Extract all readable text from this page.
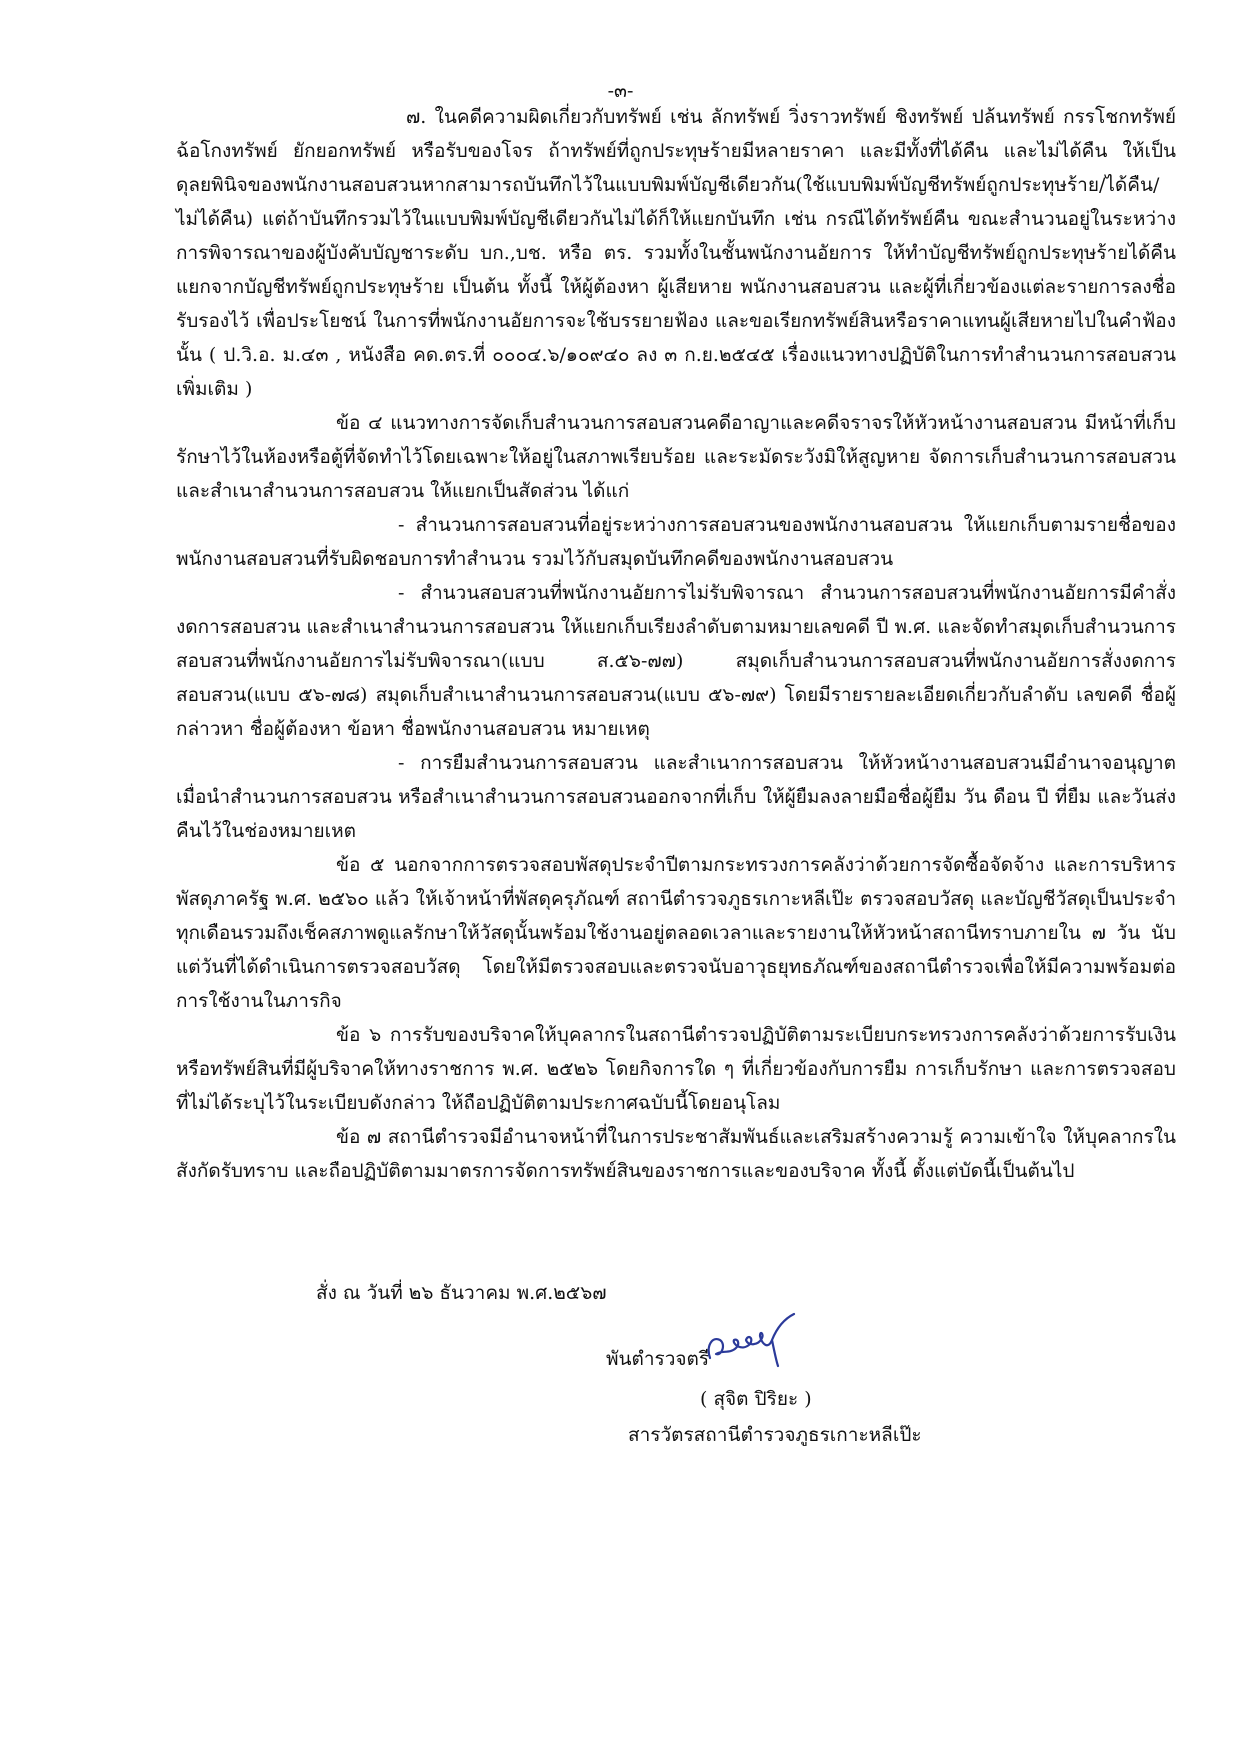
-๓-

๗. ในคดีความผิดเกี่ยวกับทรัพย์ เช่น ลักทรัพย์ วิ่งราวทรัพย์ ชิงทรัพย์ ปล้นทรัพย์ กรรโชกทรัพย์ ฉ้อโกงทรัพย์ ยักยอกทรัพย์ หรือรับของโจร ถ้าทรัพย์ที่ถูกประทุษร้ายมีหลายราคา และมีทั้งที่ได้คืน และไม่ได้คืน ให้เป็นดุลยพินิจของพนักงานสอบสวนหากสามารถบันทึกไว้ในแบบพิมพ์บัญชีเดียวกัน(ใช้แบบพิมพ์บัญชีทรัพย์ถูกประทุษร้าย/ได้คืน/ไม่ได้คืน) แต่ถ้าบันทึกรวมไว้ในแบบพิมพ์บัญชีเดียวกันไม่ได้ก็ให้แยกบันทึก เช่น กรณีได้ทรัพย์คืน ขณะสำนวนอยู่ในระหว่างการพิจารณาของผู้บังคับบัญชาระดับ บก.,บช. หรือ ตร. รวมทั้งในชั้นพนักงานอัยการ ให้ทำบัญชีทรัพย์ถูกประทุษร้ายได้คืนแยกจากบัญชีทรัพย์ถูกประทุษร้าย เป็นต้น ทั้งนี้ ให้ผู้ต้องหา ผู้เสียหาย พนักงานสอบสวน และผู้ที่เกี่ยวข้องแต่ละรายการลงชื่อรับรองไว้ เพื่อประโยชน์ ในการที่พนักงานอัยการจะใช้บรรยายฟ้อง และขอเรียกทรัพย์สินหรือราคาแทนผู้เสียหายไปในคำฟ้องนั้น ( ป.วิ.อ. ม.๔๓ , หนังสือ คด.ตร.ที่ ๐๐๐๔.๖/๑๐๙๔๐ ลง ๓ ก.ย.๒๕๔๕ เรื่องแนวทางปฏิบัติในการทำสำนวนการสอบสวนเพิ่มเติม )

ข้อ ๔ แนวทางการจัดเก็บสำนวนการสอบสวนคดีอาญาและคดีจราจรให้หัวหน้างานสอบสวน มีหน้าที่เก็บรักษาไว้ในห้องหรือตู้ที่จัดทำไว้โดยเฉพาะให้อยู่ในสภาพเรียบร้อย และระมัดระวังมิให้สูญหาย จัดการเก็บสำนวนการสอบสวนและสำเนาสำนวนการสอบสวน ให้แยกเป็นสัดส่วน ได้แก่

- สำนวนการสอบสวนที่อยู่ระหว่างการสอบสวนของพนักงานสอบสวน ให้แยกเก็บตามรายชื่อของพนักงานสอบสวนที่รับผิดชอบการทำสำนวน รวมไว้กับสมุดบันทึกคดีของพนักงานสอบสวน

- สำนวนสอบสวนที่พนักงานอัยการไม่รับพิจารณา สำนวนการสอบสวนที่พนักงานอัยการมีคำสั่งงดการสอบสวน และสำเนาสำนวนการสอบสวน ให้แยกเก็บเรียงลำดับตามหมายเลขคดี ปี พ.ศ. และจัดทำสมุดเก็บสำนวนการสอบสวนที่พนักงานอัยการไม่รับพิจารณา(แบบ ส.๕๖-๗๗) สมุดเก็บสำนวนการสอบสวนที่พนักงานอัยการสั่งงดการสอบสวน(แบบ ๕๖-๗๘) สมุดเก็บสำเนาสำนวนการสอบสวน(แบบ ๕๖-๗๙) โดยมีรายรายละเอียดเกี่ยวกับลำดับ เลขคดี ชื่อผู้กล่าวหา ชื่อผู้ต้องหา ข้อหา ชื่อพนักงานสอบสวน หมายเหตุ

- การยืมสำนวนการสอบสวน และสำเนาการสอบสวน ให้หัวหน้างานสอบสวนมีอำนาจอนุญาตเมื่อนำสำนวนการสอบสวน หรือสำเนาสำนวนการสอบสวนออกจากที่เก็บ ให้ผู้ยืมลงลายมือชื่อผู้ยืม วัน ดือน ปี ที่ยืม และวันส่งคืนไว้ในช่องหมายเหต

ข้อ ๕ นอกจากการตรวจสอบพัสดุประจำปีตามกระทรวงการคลังว่าด้วยการจัดซื้อจัดจ้าง และการบริหารพัสดุภาครัฐ พ.ศ. ๒๕๖๐ แล้ว ให้เจ้าหน้าที่พัสดุครุภัณฑ์ สถานีตำรวจภูธรเกาะหลีเป๊ะ ตรวจสอบวัสดุ และบัญชีวัสดุเป็นประจำทุกเดือนรวมถึงเช็คสภาพดูแลรักษาให้วัสดุนั้นพร้อมใช้งานอยู่ตลอดเวลาและรายงานให้หัวหน้าสถานีทราบภายใน ๗ วัน นับแต่วันที่ได้ดำเนินการตรวจสอบวัสดุ โดยให้มีตรวจสอบและตรวจนับอาวุธยุทธภัณฑ์ของสถานีตำรวจเพื่อให้มีความพร้อมต่อการใช้งานในภารกิจ

ข้อ ๖ การรับของบริจาคให้บุคลากรในสถานีตำรวจปฏิบัติตามระเบียบกระทรวงการคลังว่าด้วยการรับเงินหรือทรัพย์สินที่มีผู้บริจาคให้ทางราชการ พ.ศ. ๒๕๒๖ โดยกิจการใด ๆ ที่เกี่ยวข้องกับการยืม การเก็บรักษา และการตรวจสอบ ที่ไม่ได้ระบุไว้ในระเบียบดังกล่าว ให้ถือปฏิบัติตามประกาศฉบับนี้โดยอนุโลม

ข้อ ๗ สถานีตำรวจมีอำนาจหน้าที่ในการประชาสัมพันธ์และเสริมสร้างความรู้ ความเข้าใจ ให้บุคลากรในสังกัดรับทราบ และถือปฏิบัติตามมาตรการจัดการทรัพย์สินของราชการและของบริจาค ทั้งนี้ ตั้งแต่บัดนี้เป็นต้นไป

สั่ง ณ วันที่ ๒๖ ธันวาคม พ.ศ.๒๕๖๗
พันตำรวจตรี
( สุจิต ปิริยะ )
สารวัตรสถานีตำรวจภูธรเกาะหลีเป๊ะ
